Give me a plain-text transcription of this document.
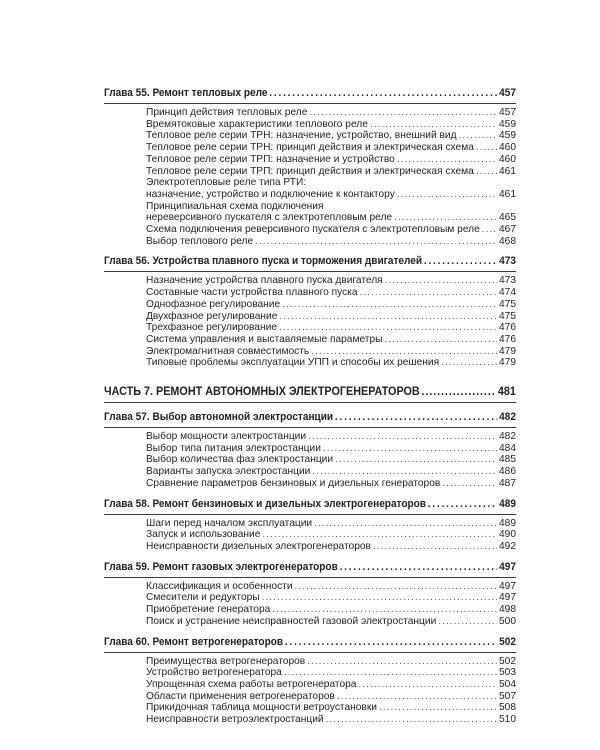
Глава 55. Ремонт тепловых реле .....	457
Принцип действия тепловых реле .....	457
Времятоковые характеристики теплового реле .....	459
Тепловое реле серии ТРН: назначение, устройство, внешний вид .....	459
Тепловое реле серии ТРН: принцип действия и электрическая схема ..... 460
Тепловое реле серии ТРП: назначение и устройство .....	460
Тепловое реле серии ТРП: принцип действия и электрическая схема ..... 461
Электротепловые реле типа РТИ:
назначение, устройство и подключение к контактору .....	461
Принципиальная схема подключения
нереверсивного пускателя с электротепловым реле .....	465
Схема подключения реверсивного пускателя с электротепловым реле ..... 467
Выбор теплового реле .....	468
Глава 56. Устройства плавного пуска и торможения двигателей .....	473
Назначение устройства плавного пуска двигателя .....	473
Составные части устройства плавного пуска .....	474
Однофазное регулирование .....	475
Двухфазное регулирование .....	475
Трехфазное регулирование .....	476
Система управления и выставляемые параметры .....	476
Электромагнитная совместимость .....	479
Типовые проблемы эксплуатации УПП и способы их решения .....	479
ЧАСТЬ 7. РЕМОНТ АВТОНОМНЫХ ЭЛЕКТРОГЕНЕРАТОРОВ .....	481
Глава 57. Выбор автономной электростанции .....	482
Выбор мощности электростанции .....	482
Выбор типа питания электростанции .....	484
Выбор количества фаз электростанции .....	485
Варианты запуска электростанции .....	486
Сравнение параметров бензиновых и дизельных генераторов .....	487
Глава 58. Ремонт бензиновых и дизельных электрогенераторов .....	489
Шаги перед началом эксплуатации .....	489
Запуск и использование .....	490
Неисправности дизельных электрогенераторов .....	492
Глава 59. Ремонт газовых электрогенераторов .....	497
Классификация и особенности .....	497
Смесители и редукторы .....	497
Приобретение генератора .....	498
Поиск и устранение неисправностей газовой электростанции .....	500
Глава 60. Ремонт ветрогенераторов .....	502
Преимущества ветрогенераторов .....	502
Устройство ветрогенератора .....	503
Упрощенная схема работы ветрогенератора .....	504
Области применения ветрогенераторов .....	507
Прикидочная таблица мощности ветроустановки .....	508
Неисправности ветроэлектростанций .....	510
